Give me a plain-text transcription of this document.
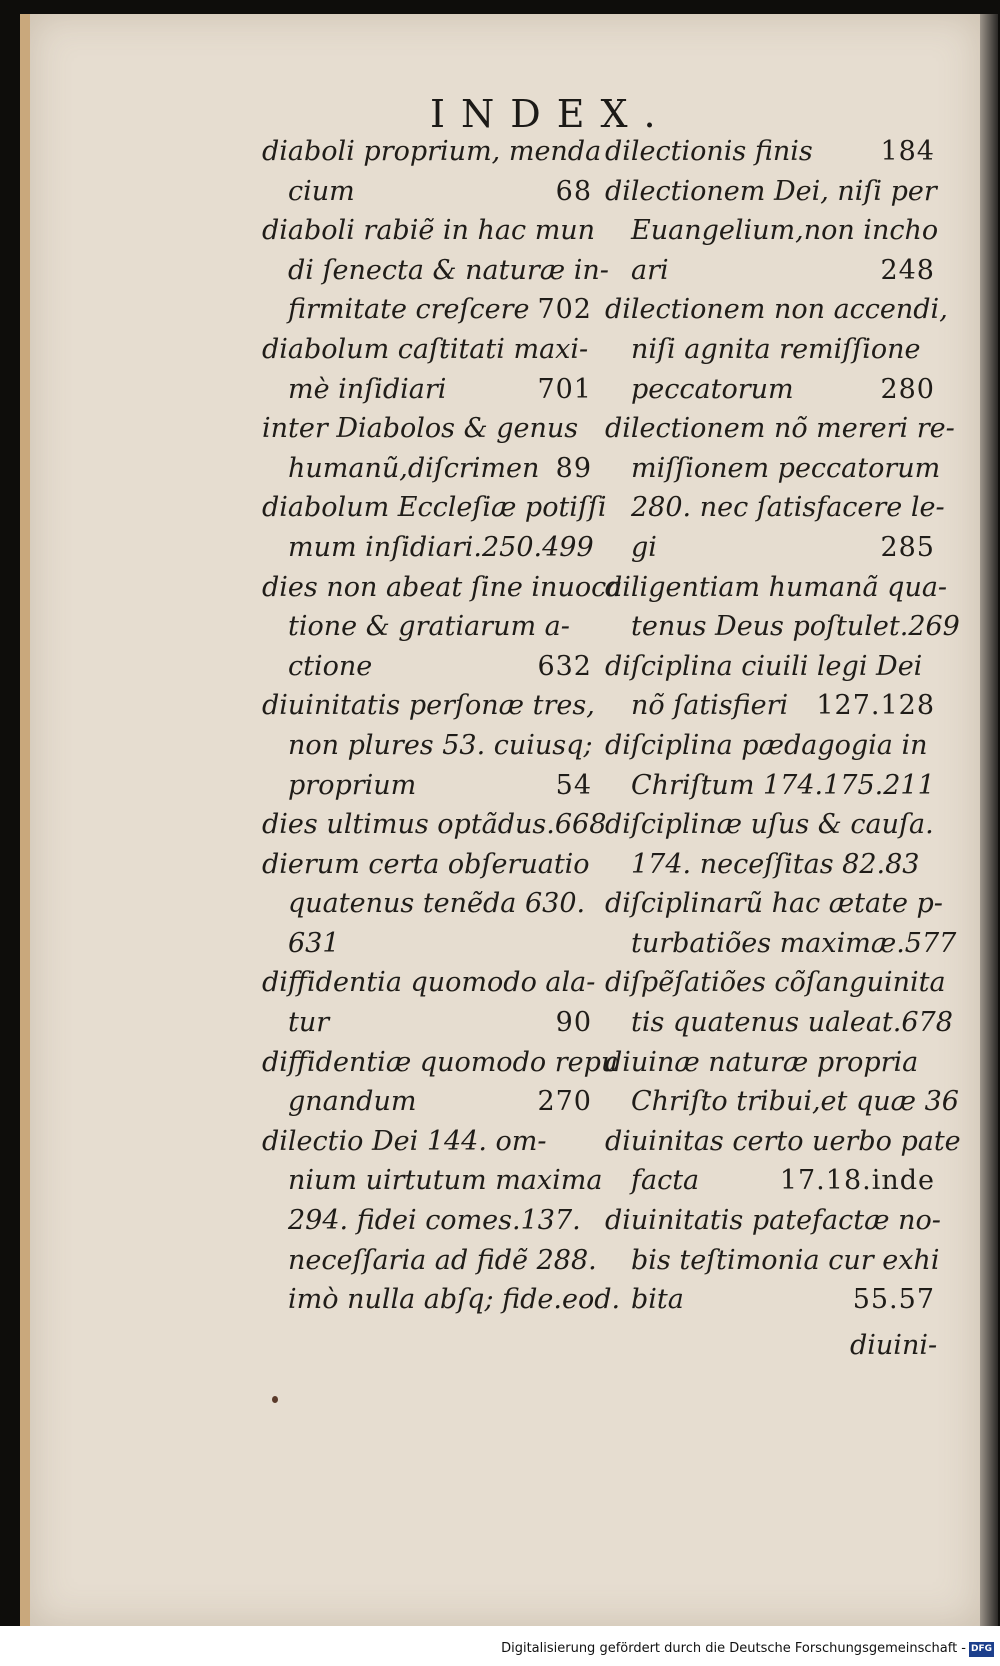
INDEX.
diaboli proprium, menda
cium	68
diaboli rabiẽ in hac mun
di ſenecta & naturæ in-
firmitate creſcere 702
diabolum caſtitati maxi-
mè inſidiari	701
inter Diabolos & genus
humanũ,diſcrimen 89
diabolum Eccleſiæ potiſſi
mum inſidiari.250.499
dies non abeat ſine inuoca
tione & gratiarum a-
ctione	632
diuinitatis perſonæ tres,
non plures 53. cuiusq;
proprium	54
dies ultimus optãdus.668
dierum certa obſeruatio
quatenus tenẽda 630.
631
diffidentia quomodo ala-
tur	90
diffidentiæ quomodo repu
gnandum	270
dilectio Dei 144. om-
nium uirtutum maxima
294. fidei comes.137.
neceſſaria ad fidẽ 288.
imò nulla abſq; fide.eod.
dilectionis finis	184
dilectionem Dei, niſi per
Euangelium,non incho
ari	248
dilectionem non accendi,
niſi agnita remiſſione
peccatorum	280
dilectionem nõ mereri re-
miſſionem peccatorum
280. nec ſatisfacere le-
gi	285
diligentiam humanã qua-
tenus Deus poſtulet.269
diſciplina ciuili legi Dei
nõ ſatisfieri 127.128
diſciplina pædagogia in
Chriſtum 174.175.211
diſciplinæ uſus & cauſa.
174. neceſſitas 82.83
diſciplinarũ hac ætate p-
turbatiões maximæ.577
diſpẽſatiões cõſanguinita
tis quatenus ualeat.678
diuinæ naturæ propria
Chriſto tribui,et quæ 36
diuinitas certo uerbo pate
facta	17.18.inde
diuinitatis patefactæ no-
bis teſtimonia cur exhi
bita	55.57
diuini-
Digitalisierung gefördert durch die Deutsche Forschungsgemeinschaft - DFG
